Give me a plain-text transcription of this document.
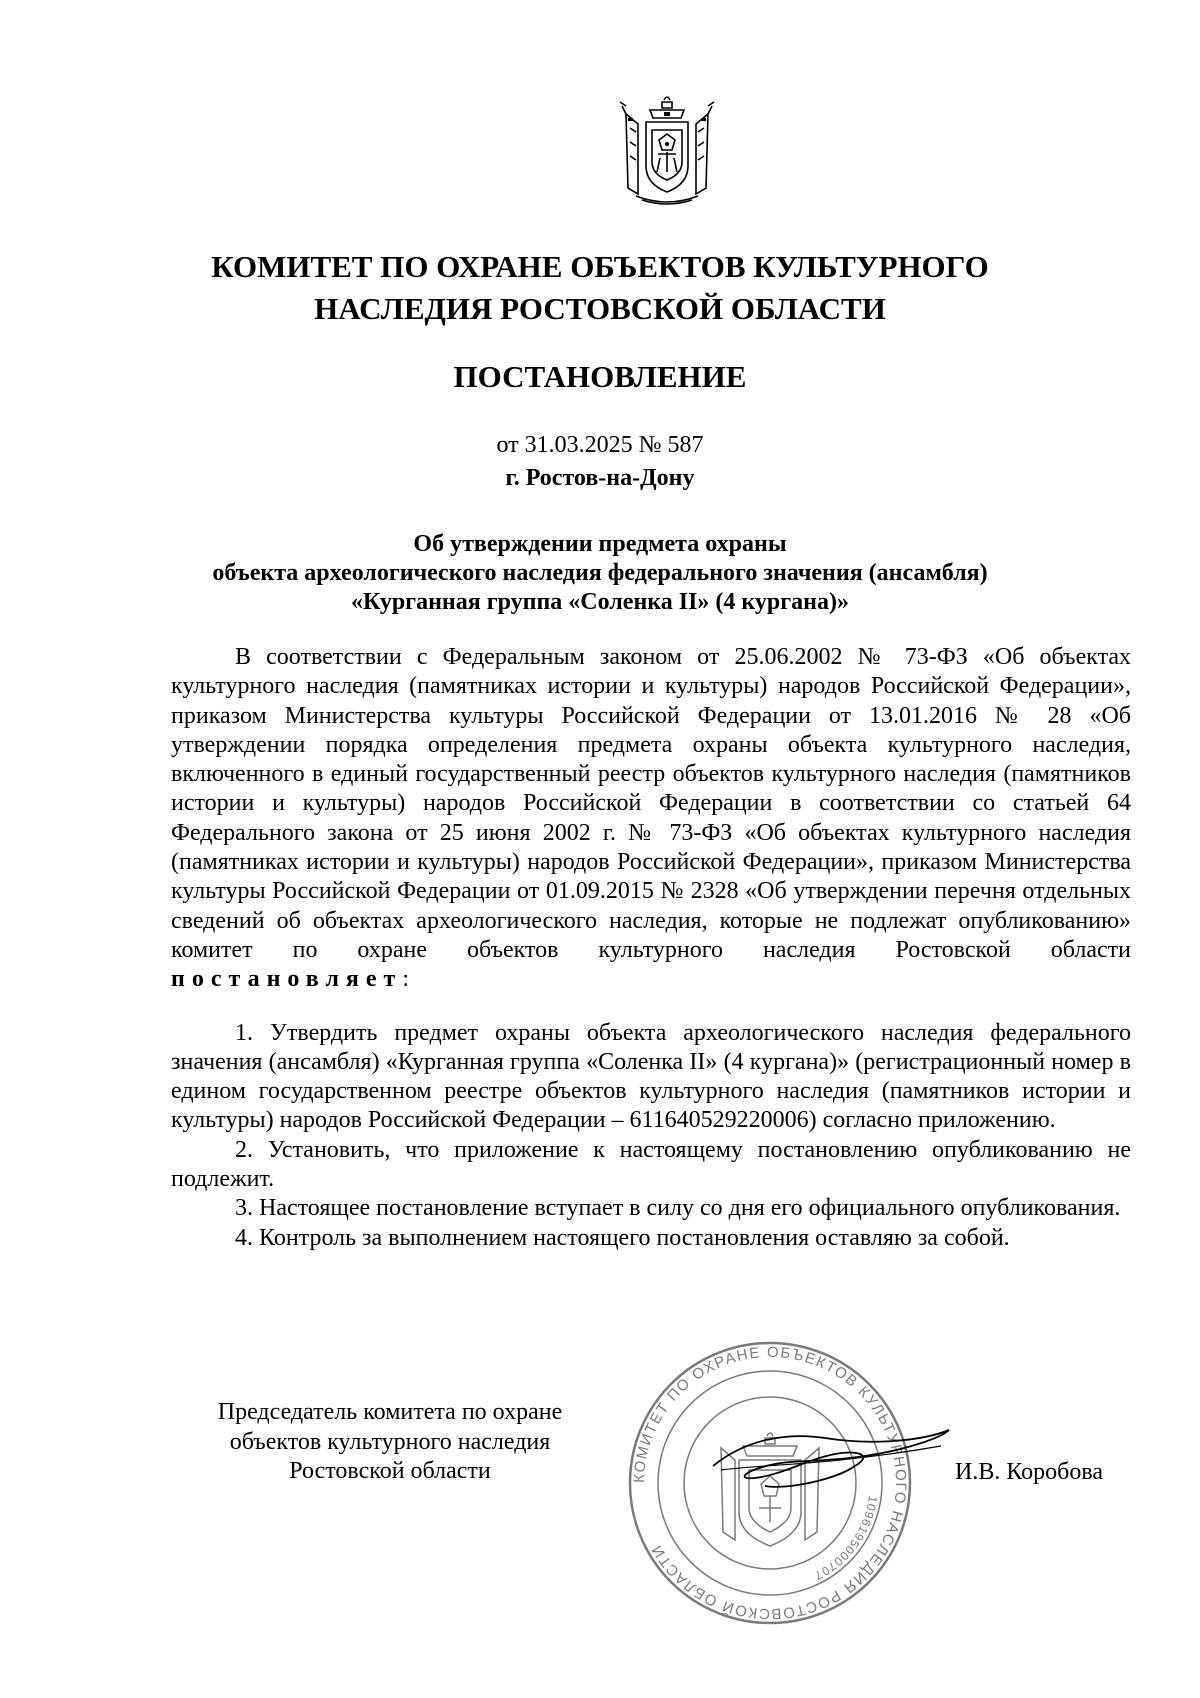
КОМИТЕТ ПО ОХРАНЕ ОБЪЕКТОВ КУЛЬТУРНОГО
НАСЛЕДИЯ РОСТОВСКОЙ ОБЛАСТИ
ПОСТАНОВЛЕНИЕ
от 31.03.2025 № 587
г. Ростов-на-Дону
Об утверждении предмета охраны
объекта археологического наследия федерального значения (ансамбля)
«Курганная группа «Соленка II» (4 кургана)»

В соответствии с Федеральным законом от 25.06.2002 № 73-ФЗ «Об объектах культурного наследия (памятниках истории и культуры) народов Российской Федерации», приказом Министерства культуры Российской Федерации от 13.01.2016 № 28 «Об утверждении порядка определения предмета охраны объекта культурного наследия, включенного в единый государственный реестр объектов культурного наследия (памятников истории и культуры) народов Российской Федерации в соответствии со статьей 64 Федерального закона от 25 июня 2002 г. № 73-ФЗ «Об объектах культурного наследия (памятниках истории и культуры) народов Российской Федерации», приказом Министерства культуры Российской Федерации от 01.09.2015 № 2328 «Об утверждении перечня отдельных сведений об объектах археологического наследия, которые не подлежат опубликованию» комитет по охране объектов культурного наследия Ростовской области постановляет:

1. Утвердить предмет охраны объекта археологического наследия федерального значения (ансамбля) «Курганная группа «Соленка II» (4 кургана)» (регистрационный номер в едином государственном реестре объектов культурного наследия (памятников истории и культуры) народов Российской Федерации – 611640529220006) согласно приложению.

2. Установить, что приложение к настоящему постановлению опубликованию не подлежит.

3. Настоящее постановление вступает в силу со дня его официального опубликования.

4. Контроль за выполнением настоящего постановления оставляю за собой.

Председатель комитета по охране
объектов культурного наследия
Ростовской области	КОМИТЕТ ПО ОХРАНЕ ОБЪЕКТОВ КУЛЬТУРНОГО НАСЛЕДИЯ РОСТОВСКОЙ ОБЛАСТИ
1096195000707
И.В. Коробова
